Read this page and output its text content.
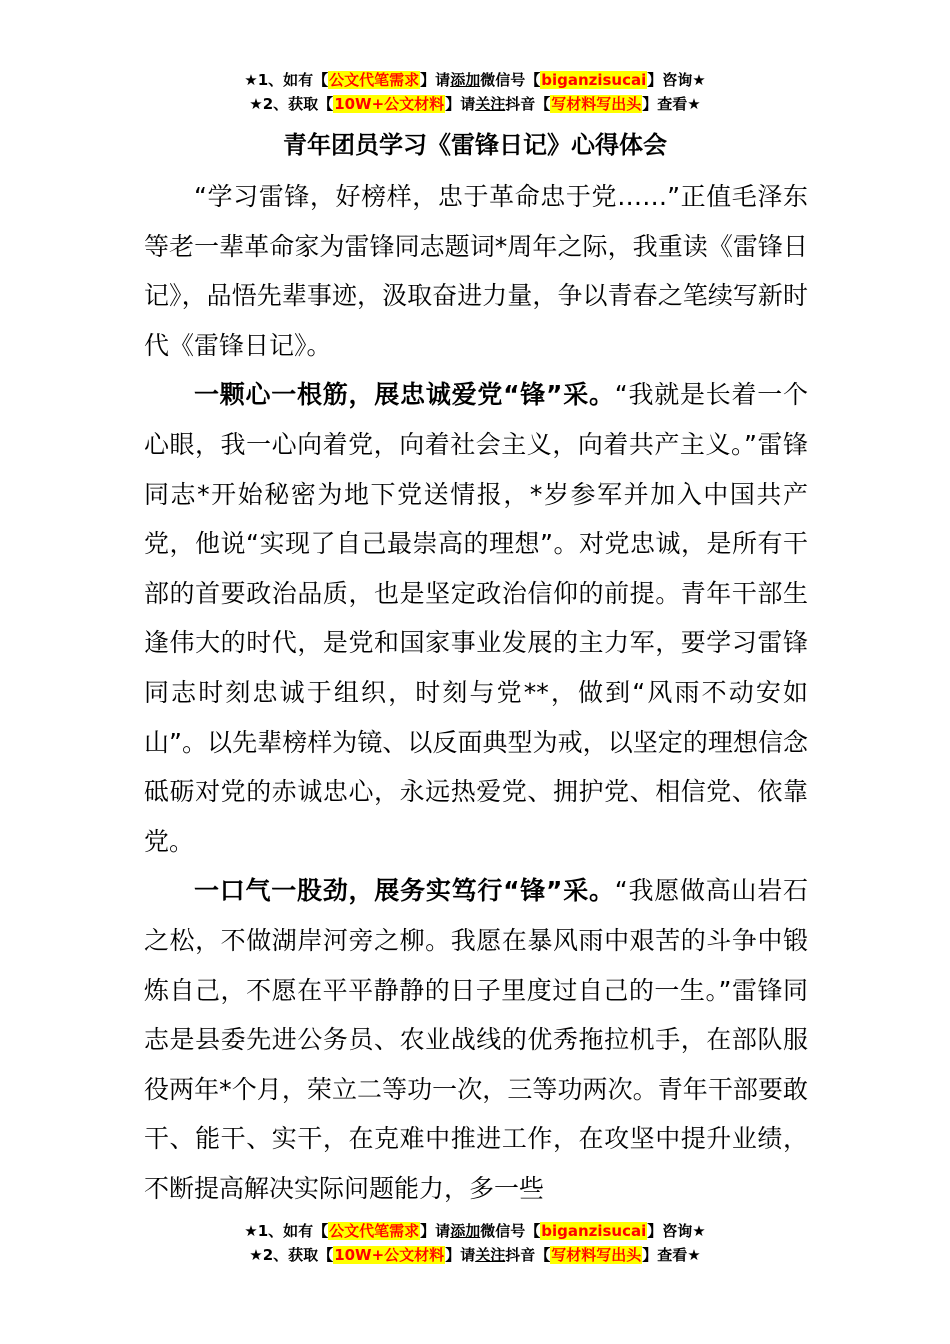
★1、如有【公文代笔需求】请添加微信号【biganzisucai】咨询★
★2、获取【10W+公文材料】请关注抖音【写材料写出头】查看★
青年团员学习《雷锋日记》心得体会

“学习雷锋，好榜样，忠于革命忠于党……”正值毛泽东等老一辈革命家为雷锋同志题词*周年之际，我重读《雷锋日记》，品悟先辈事迹，汲取奋进力量，争以青春之笔续写新时代《雷锋日记》。

一颗心一根筋，展忠诚爱党“锋”采。“我就是长着一个心眼，我一心向着党，向着社会主义，向着共产主义。”雷锋同志*开始秘密为地下党送情报，*岁参军并加入中国共产党，他说“实现了自己最崇高的理想”。对党忠诚，是所有干部的首要政治品质，也是坚定政治信仰的前提。青年干部生逢伟大的时代，是党和国家事业发展的主力军，要学习雷锋同志时刻忠诚于组织，时刻与党**，做到“风雨不动安如山”。以先辈榜样为镜、以反面典型为戒，以坚定的理想信念砥砺对党的赤诚忠心，永远热爱党、拥护党、相信党、依靠党。

一口气一股劲，展务实笃行“锋”采。“我愿做高山岩石之松，不做湖岸河旁之柳。我愿在暴风雨中艰苦的斗争中锻炼自己，不愿在平平静静的日子里度过自己的一生。”雷锋同志是县委先进公务员、农业战线的优秀拖拉机手，在部队服役两年*个月，荣立二等功一次，三等功两次。青年干部要敢干、能干、实干，在克难中推进工作，在攻坚中提升业绩，不断提高解决实际问题能力，多一些

★1、如有【公文代笔需求】请添加微信号【biganzisucai】咨询★
★2、获取【10W+公文材料】请关注抖音【写材料写出头】查看★
